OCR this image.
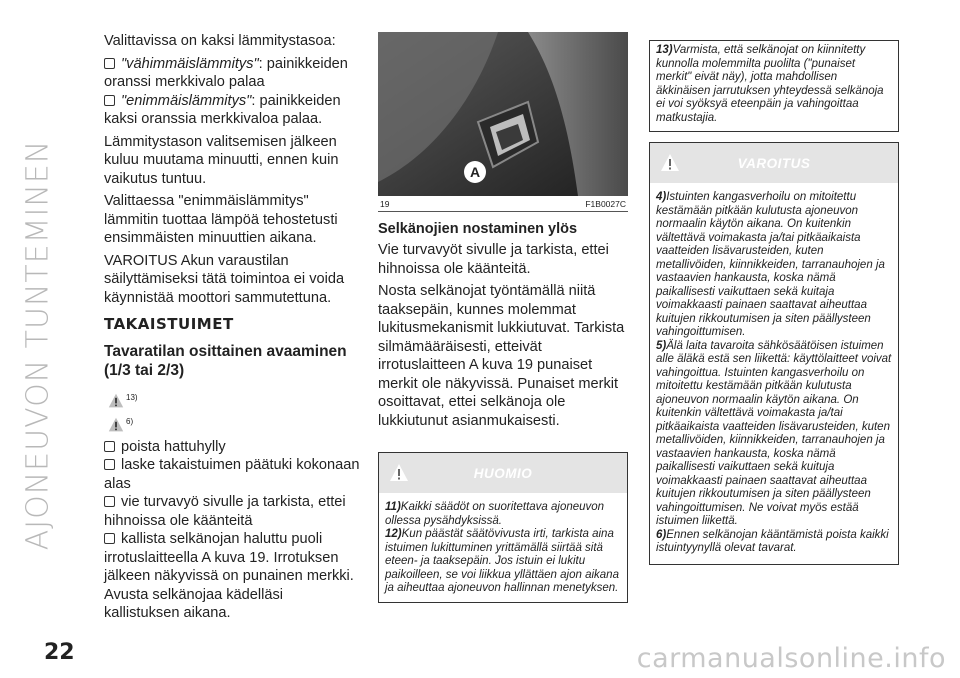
AJONEUVON TUNTEMINEN
22	carmanualsonline.info

Valittavissa on kaksi lämmitystasoa:

"vähimmäislämmitys": painikkeiden oranssi merkkivalo palaa
"enimmäislämmitys": painikkeiden kaksi oranssia merkkivaloa palaa.

Lämmitystason valitsemisen jälkeen kuluu muutama minuutti, ennen kuin vaikutus tuntuu.

Valittaessa "enimmäislämmitys" lämmitin tuottaa lämpöä tehostetusti ensimmäisten minuuttien aikana.

VAROITUS Akun varaustilan säilyttämiseksi tätä toimintoa ei voida käynnistää moottori sammutettuna.

TAKAISTUIMET
Tavaratilan osittainen avaaminen (1/3 tai 2/3)
13)
6)
poista hattuhylly
laske takaistuimen päätuki kokonaan alas
vie turvavyö sivulle ja tarkista, ettei hihnoissa ole käänteitä
kallista selkänojan haluttu puoli irrotuslaitteella A kuva 19. Irrotuksen jälkeen näkyvissä on punainen merkki. Avusta selkänojaa kädelläsi kallistuksen aikana.
A
19	F1B0027C
Selkänojien nostaminen ylös

Vie turvavyöt sivulle ja tarkista, ettei hihnoissa ole käänteitä.

Nosta selkänojat työntämällä niitä taaksepäin, kunnes molemmat lukitusmekanismit lukkiutuvat. Tarkista silmämääräisesti, etteivät irrotuslaitteen A kuva 19 punaiset merkit ole näkyvissä. Punaiset merkit osoittavat, ettei selkänoja ole lukkiutunut asianmukaisesti.

HUOMIO
11)Kaikki säädöt on suoritettava ajoneuvon ollessa pysähdyksissä.
12)Kun päästät säätövivusta irti, tarkista aina istuimen lukittuminen yrittämällä siirtää sitä eteen- ja taaksepäin. Jos istuin ei lukitu paikoilleen, se voi liikkua yllättäen ajon aikana ja aiheuttaa ajoneuvon hallinnan menetyksen.
13)Varmista, että selkänojat on kiinnitetty kunnolla molemmilta puolilta ("punaiset merkit" eivät näy), jotta mahdollisen äkkinäisen jarrutuksen yhteydessä selkänoja ei voi syöksyä eteenpäin ja vahingoittaa matkustajia.
VAROITUS
4)Istuinten kangasverhoilu on mitoitettu kestämään pitkään kulutusta ajoneuvon normaalin käytön aikana. On kuitenkin vältettävä voimakasta ja/tai pitkäaikaista vaatteiden lisävarusteiden, kuten metallivöiden, kiinnikkeiden, tarranauhojen ja vastaavien hankausta, koska nämä paikallisesti vaikuttaen sekä kuitaja voimakkaasti painaen saattavat aiheuttaa kuitujen rikkoutumisen ja siten päällysteen vahingoittumisen.
5)Älä laita tavaroita sähkösäätöisen istuimen alle äläkä estä sen liikettä: käyttölaitteet voivat vahingoittua. Istuinten kangasverhoilu on mitoitettu kestämään pitkään kulutusta ajoneuvon normaalin käytön aikana. On kuitenkin vältettävä voimakasta ja/tai pitkäaikaista vaatteiden lisävarusteiden, kuten metallivöiden, kiinnikkeiden, tarranauhojen ja vastaavien hankausta, koska nämä paikallisesti vaikuttaen sekä kuituja voimakkaasti painaen saattavat aiheuttaa kuitujen rikkoutumisen ja siten päällysteen vahingoittumisen. Ne voivat myös estää istuimen liikettä.
6)Ennen selkänojan kääntämistä poista kaikki istuintyynyllä olevat tavarat.
